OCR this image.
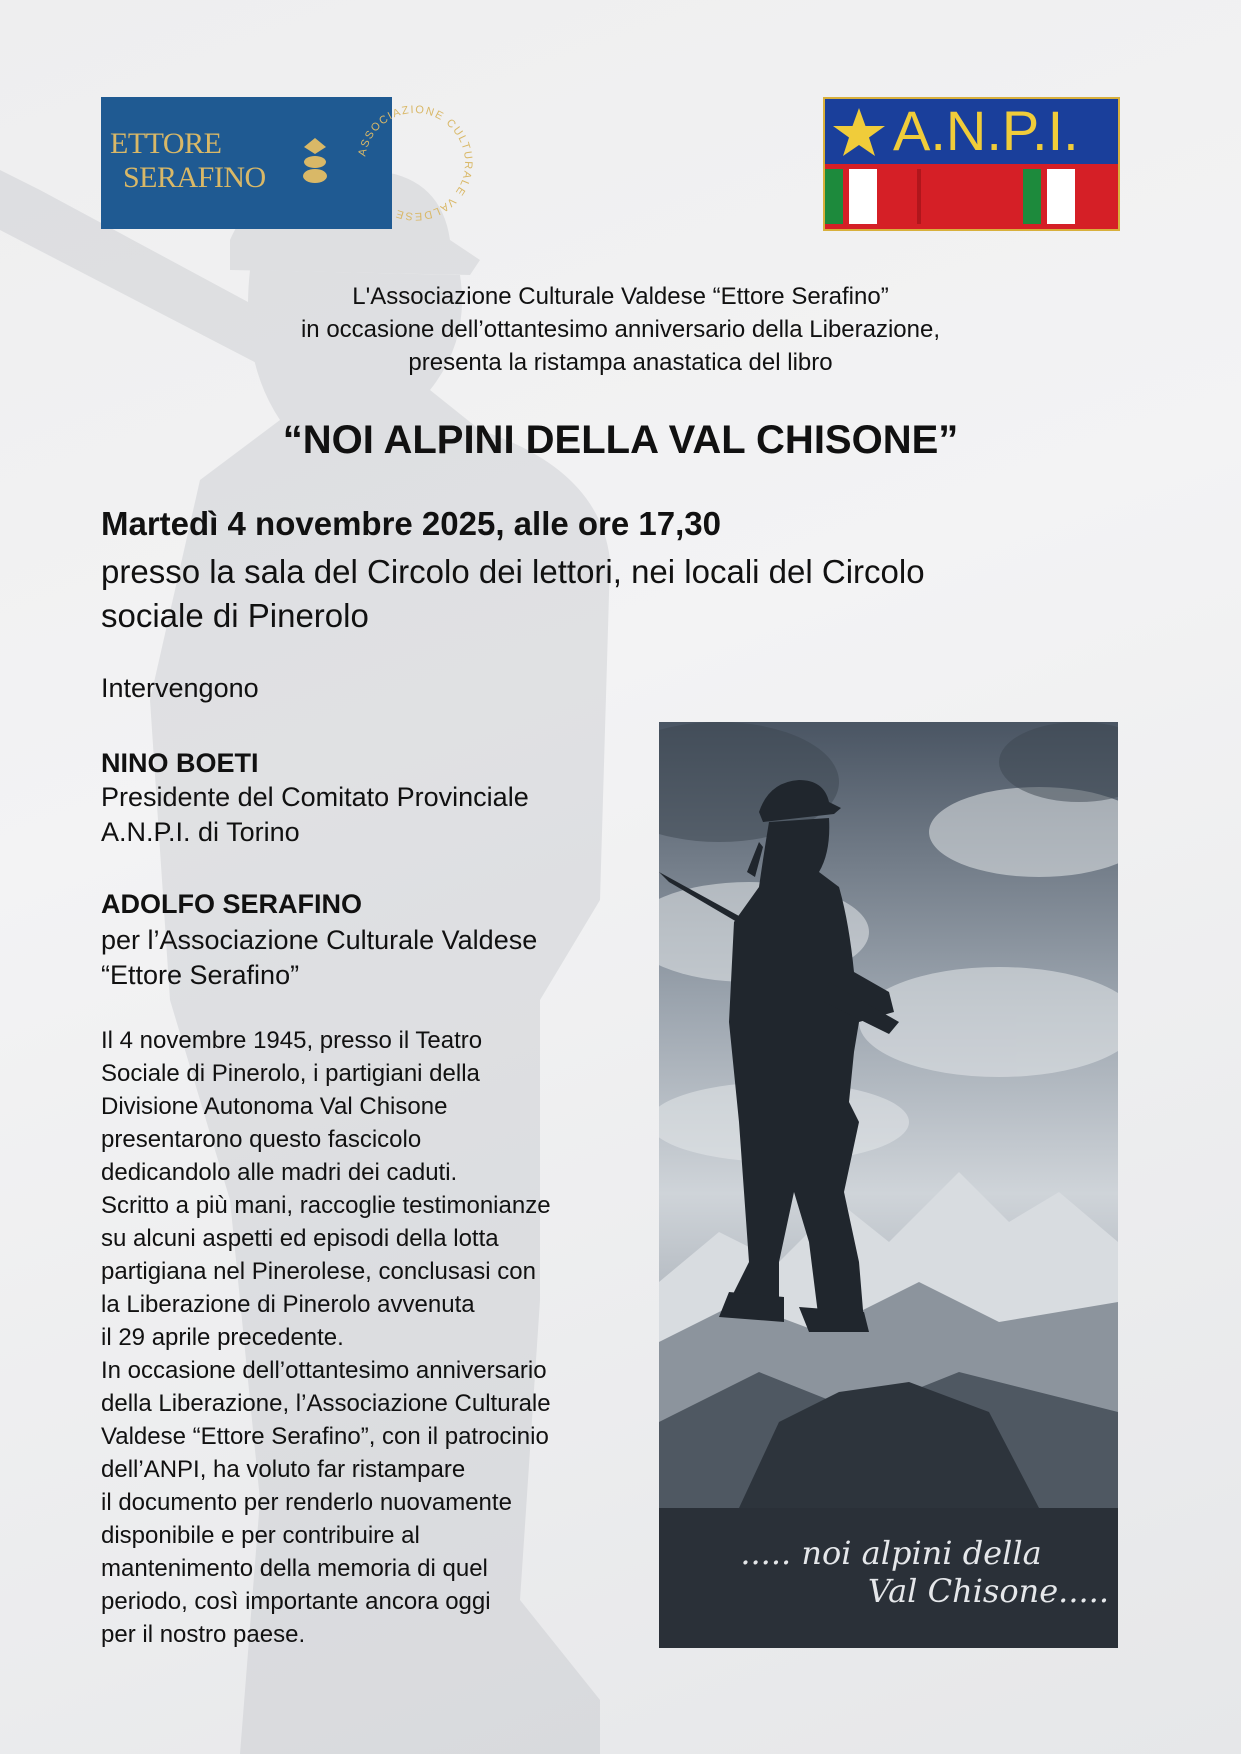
ETTORE
SERAFINO
ASSOCIAZIONE CULTURALE VALDESE
A.N.P.I.
L'Associazione Culturale Valdese “Ettore Serafino”
in occasione dell’ottantesimo anniversario della Liberazione,
presenta la ristampa anastatica del libro
“NOI ALPINI DELLA VAL CHISONE”
Martedì 4 novembre 2025, alle ore 17,30
presso la sala del Circolo dei lettori, nei locali del Circolo
sociale di Pinerolo
Intervengono
NINO BOETI
Presidente del Comitato Provinciale
A.N.P.I. di Torino
ADOLFO SERAFINO
per l’Associazione Culturale Valdese
“Ettore Serafino”
Il 4 novembre 1945, presso il Teatro
Sociale di Pinerolo, i partigiani della
Divisione Autonoma Val Chisone
presentarono questo fascicolo
dedicandolo alle madri dei caduti.
Scritto a più mani, raccoglie testimonianze
su alcuni aspetti ed episodi della lotta
partigiana nel Pinerolese, conclusasi con
la Liberazione di Pinerolo avvenuta
il 29 aprile precedente.
In occasione dell’ottantesimo anniversario
della Liberazione, l’Associazione Culturale
Valdese “Ettore Serafino”, con il patrocinio
dell’ANPI, ha voluto far ristampare
il documento per renderlo nuovamente
disponibile e per contribuire al
mantenimento della memoria di quel
periodo, così importante ancora oggi
per il nostro paese.
..... noi alpini della
Val Chisone.....
